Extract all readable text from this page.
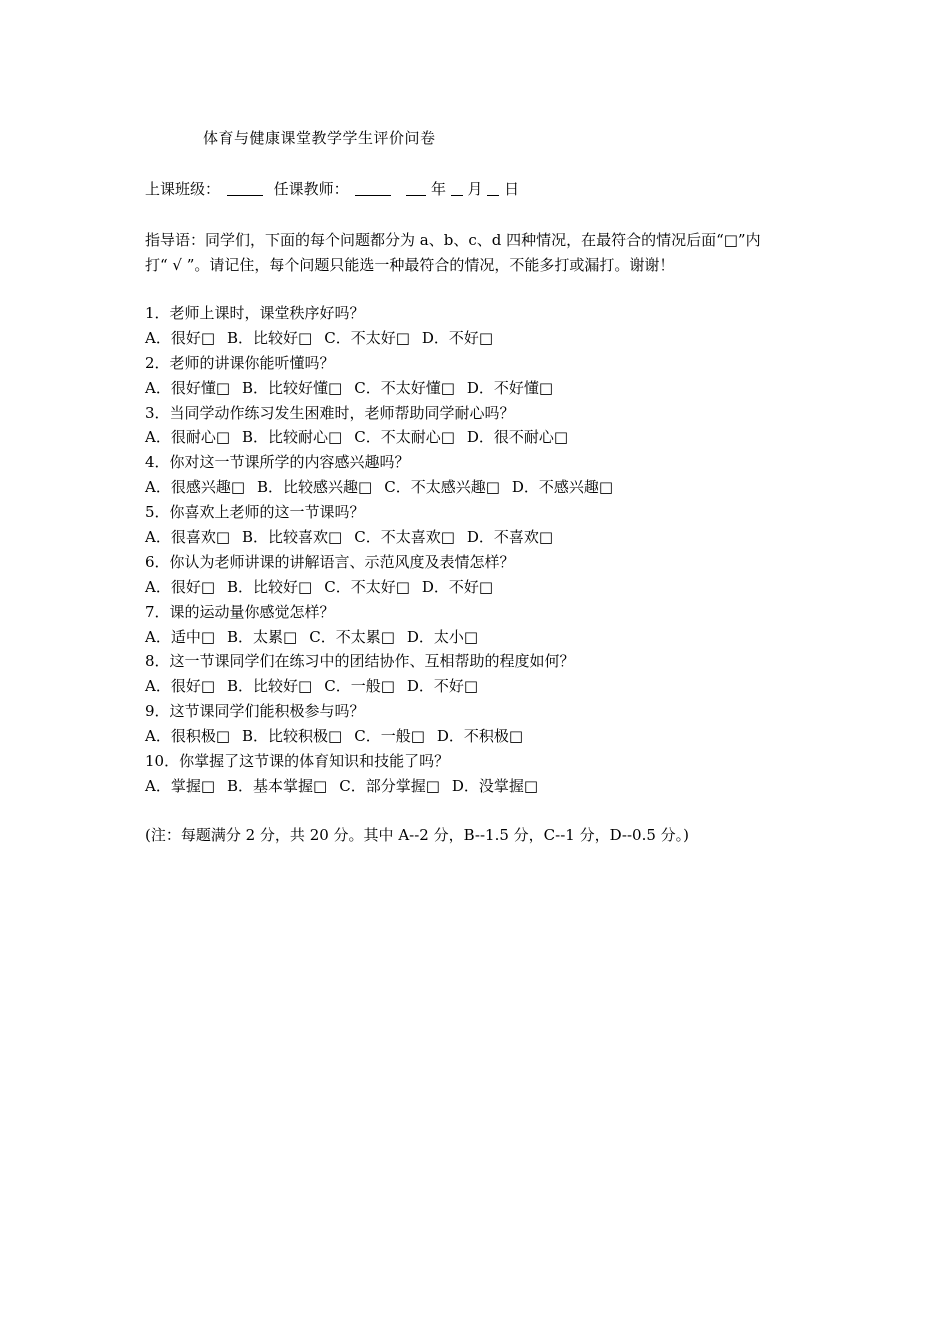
体育与健康课堂教学学生评价问卷
上课班级：	任课教师：	年 月 日

指导语：同学们，下面的每个问题都分为 a、b、c、d 四种情况，在最符合的情况后面“□”内

打“ √ ”。请记住，每个问题只能选一种最符合的情况，不能多打或漏打。谢谢！

1．老师上课时，课堂秩序好吗？
A．很好□ B．比较好□ C．不太好□ D．不好□
2．老师的讲课你能听懂吗？
A．很好懂□ B．比较好懂□ C．不太好懂□ D．不好懂□
3．当同学动作练习发生困难时，老师帮助同学耐心吗？
A．很耐心□ B．比较耐心□ C．不太耐心□ D．很不耐心□
4．你对这一节课所学的内容感兴趣吗？
A．很感兴趣□ B．比较感兴趣□ C．不太感兴趣□ D．不感兴趣□
5．你喜欢上老师的这一节课吗？
A．很喜欢□ B．比较喜欢□ C．不太喜欢□ D．不喜欢□
6．你认为老师讲课的讲解语言、示范风度及表情怎样？
A．很好□ B．比较好□ C．不太好□ D．不好□
7．课的运动量你感觉怎样？
A．适中□ B．太累□ C．不太累□ D．太小□
8．这一节课同学们在练习中的团结协作、互相帮助的程度如何？
A．很好□ B．比较好□ C．一般□ D．不好□
9．这节课同学们能积极参与吗？
A．很积极□ B．比较积极□ C．一般□ D．不积极□
10．你掌握了这节课的体育知识和技能了吗？
A．掌握□ B．基本掌握□ C．部分掌握□ D．没掌握□
(注：每题满分 2 分，共 20 分。其中 A--2 分，B--1.5 分，C--1 分，D--0.5 分。)
